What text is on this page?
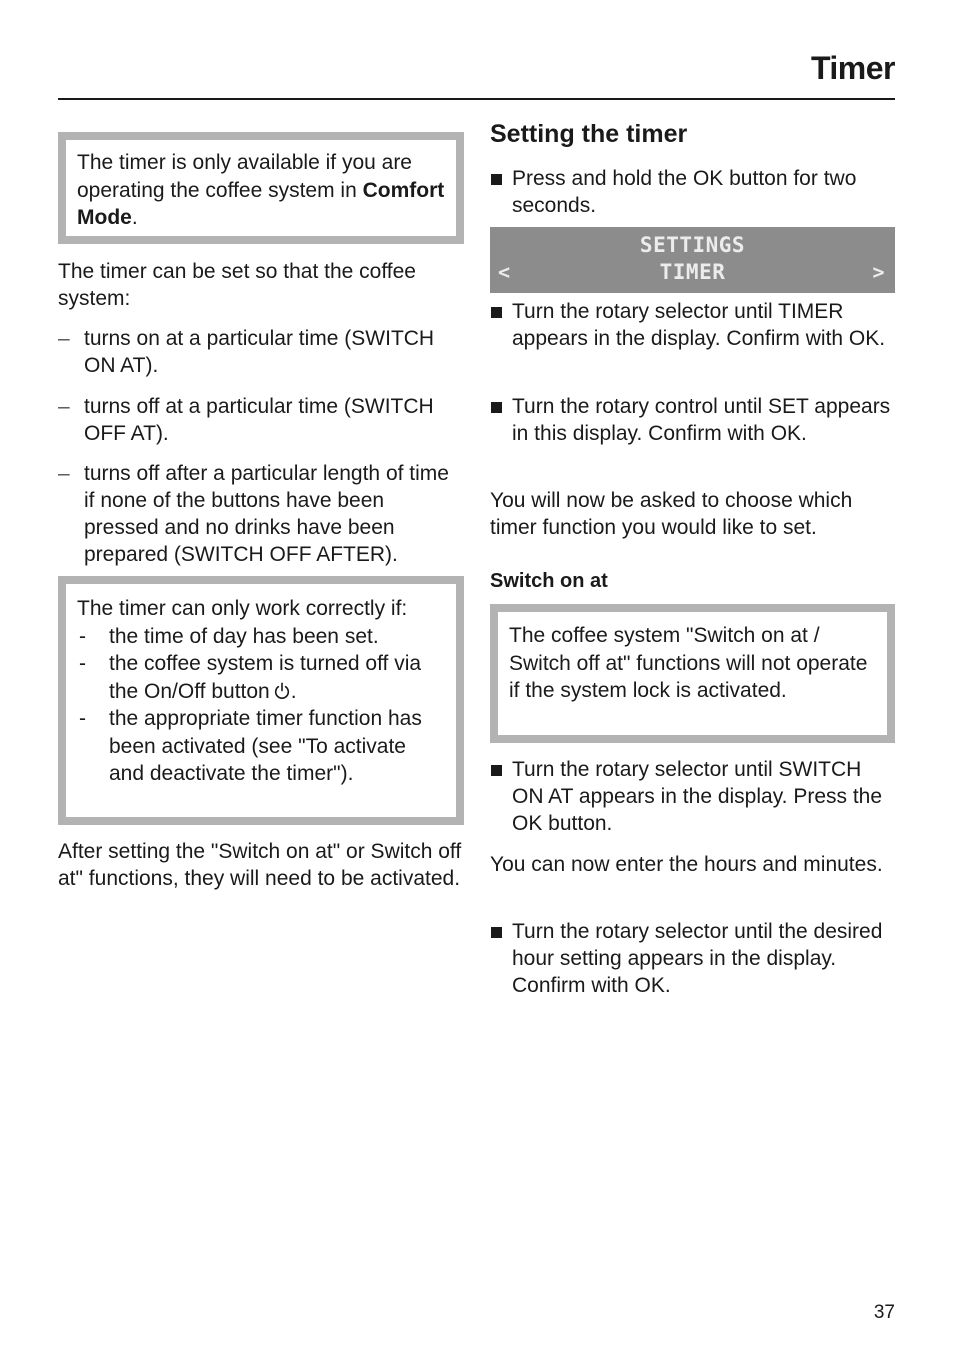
Timer
The timer is only available if you are operating the coffee system in Comfort Mode.

The timer can be set so that the coffee system:

– turns on at a particular time (SWITCH ON AT).
– turns off at a particular time (SWITCH OFF AT).
– turns off after a particular length of time if none of the buttons have been pressed and no drinks have been prepared (SWITCH OFF AFTER).
The timer can only work correctly if:
- the time of day has been set.
- the coffee system is turned off via the On/Off button .
- the appropriate timer function has been activated (see "To activate and deactivate the timer").

After setting the "Switch on at" or Switch off at" functions, they will need to be activated.

Setting the timer
Press and hold the OK button for two seconds.
SETTINGS
TIMER
<	>
Turn the rotary selector until TIMER appears in the display. Confirm with OK.
Turn the rotary control until SET appears in this display. Confirm with OK.

You will now be asked to choose which timer function you would like to set.

Switch on at
The coffee system "Switch on at / Switch off at" functions will not operate if the system lock is activated.
Turn the rotary selector until SWITCH ON AT appears in the display. Press the OK button.

You can now enter the hours and minutes.

Turn the rotary selector until the desired hour setting appears in the display. Confirm with OK.
37
